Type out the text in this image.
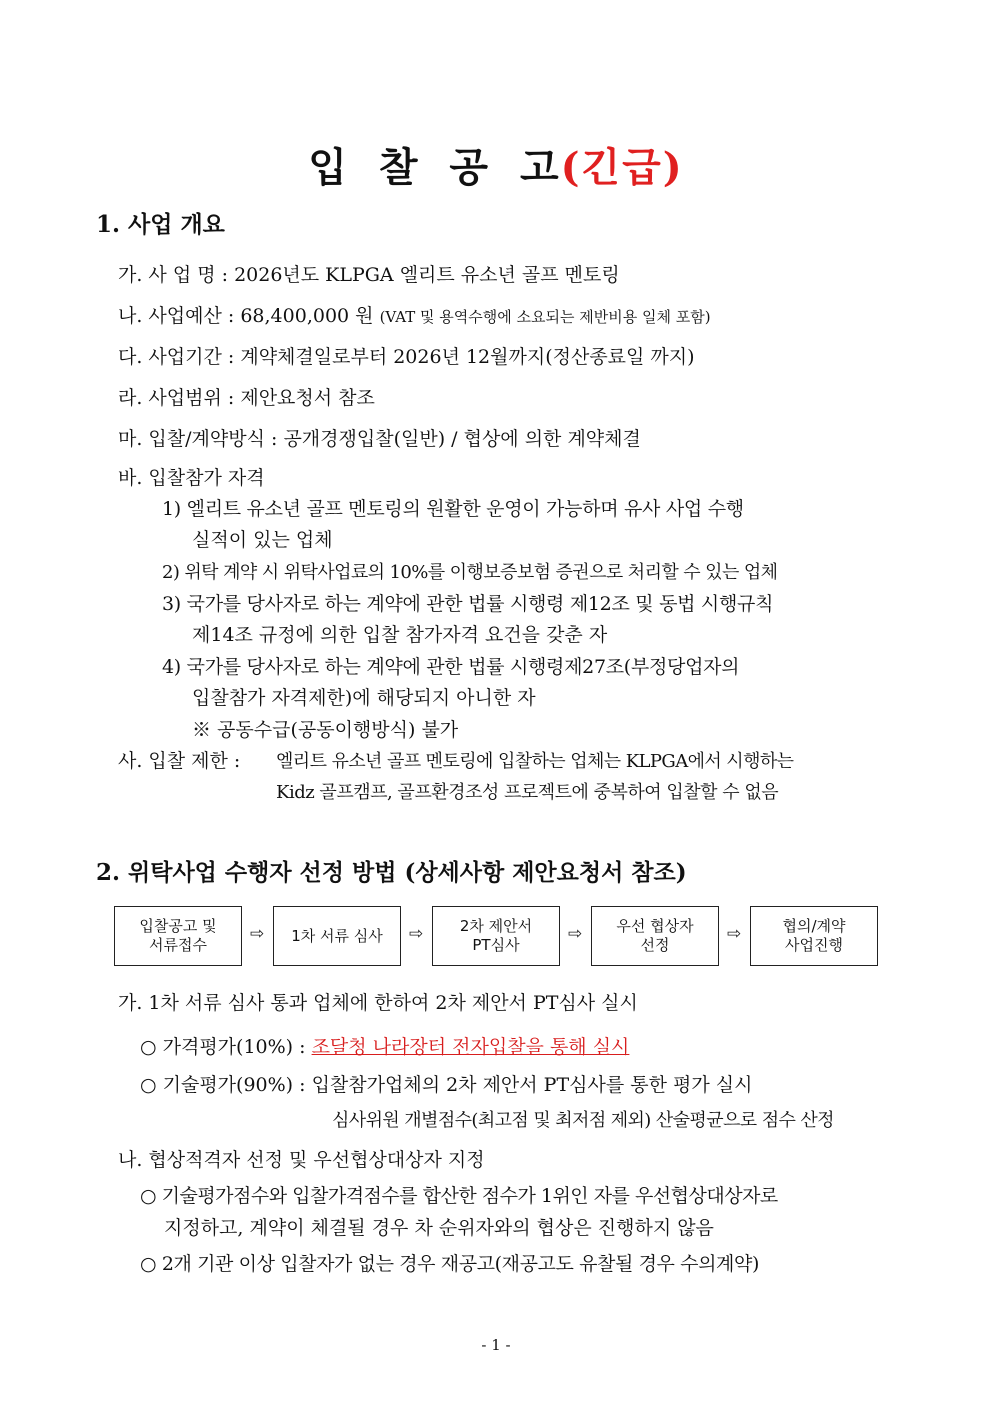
입 찰 공 고(긴급)
1. 사업 개요
가. 사 업 명 : 2026년도 KLPGA 엘리트 유소년 골프 멘토링
나. 사업예산 : 68,400,000 원 (VAT 및 용역수행에 소요되는 제반비용 일체 포함)
다. 사업기간 : 계약체결일로부터 2026년 12월까지(정산종료일 까지)
라. 사업범위 : 제안요청서 참조
마. 입찰/계약방식 : 공개경쟁입찰(일반) / 협상에 의한 계약체결
바. 입찰참가 자격
1) 엘리트 유소년 골프 멘토링의 원활한 운영이 가능하며 유사 사업 수행
실적이 있는 업체
2) 위탁 계약 시 위탁사업료의 10%를 이행보증보험 증권으로 처리할 수 있는 업체
3) 국가를 당사자로 하는 계약에 관한 법률 시행령 제12조 및 동법 시행규칙
제14조 규정에 의한 입찰 참가자격 요건을 갖춘 자
4) 국가를 당사자로 하는 계약에 관한 법률 시행령제27조(부정당업자의
입찰참가 자격제한)에 해당되지 아니한 자
※ 공동수급(공동이행방식) 불가
사. 입찰 제한 : 엘리트 유소년 골프 멘토링에 입찰하는 업체는 KLPGA에서 시행하는
Kidz 골프캠프, 골프환경조성 프로젝트에 중복하여 입찰할 수 없음
2. 위탁사업 수행자 선정 방법 (상세사항 제안요청서 참조)
입찰공고 및
서류접수
⇨ 1차 서류 심사 ⇨ 2차 제안서
PT심사
⇨ 우선 협상자
선정
⇨	협의/계약
사업진행
가. 1차 서류 심사 통과 업체에 한하여 2차 제안서 PT심사 실시
○ 가격평가(10%) : 조달청 나라장터 전자입찰을 통해 실시
○ 기술평가(90%) : 입찰참가업체의 2차 제안서 PT심사를 통한 평가 실시
심사위원 개별점수(최고점 및 최저점 제외) 산술평균으로 점수 산정
나. 협상적격자 선정 및 우선협상대상자 지정
○ 기술평가점수와 입찰가격점수를 합산한 점수가 1위인 자를 우선협상대상자로
지정하고, 계약이 체결될 경우 차 순위자와의 협상은 진행하지 않음
○ 2개 기관 이상 입찰자가 없는 경우 재공고(재공고도 유찰될 경우 수의계약)
- 1 -
